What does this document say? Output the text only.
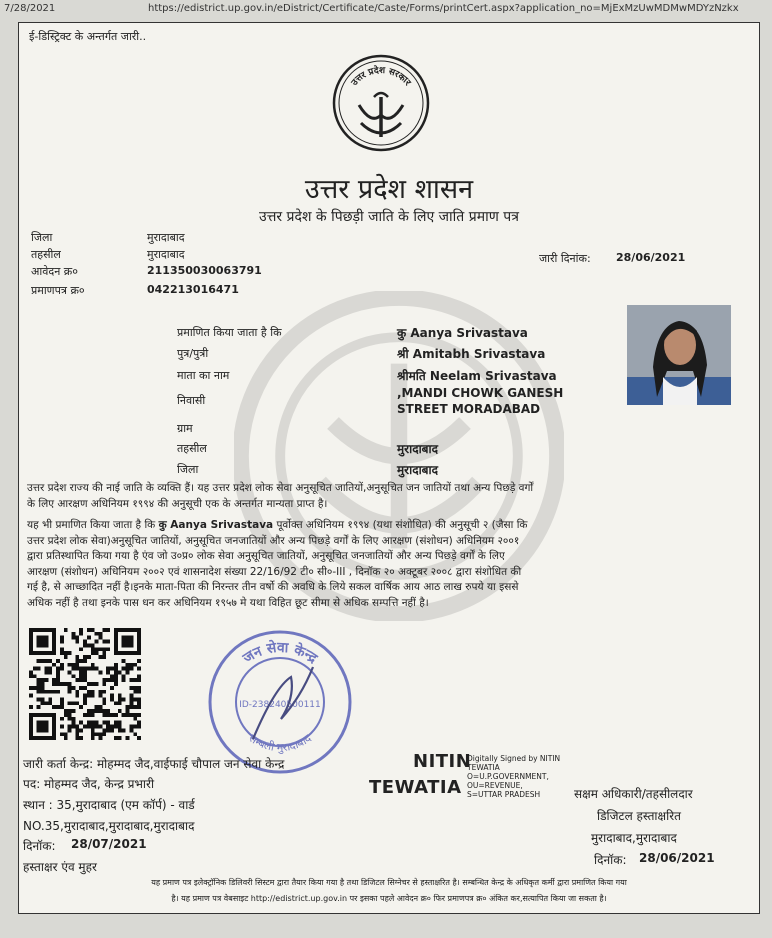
7/28/2021	https://edistrict.up.gov.in/eDistrict/Certificate/Caste/Forms/printCert.aspx?application_no=MjExMzUwMDMwMDYzNzkx
ई-डिस्ट्रिक्ट के अन्तर्गत जारी..
उत्तर प्रदेश सरकार
उत्तर प्रदेश शासन
उत्तर प्रदेश के पिछड़ी जाति के लिए जाति प्रमाण पत्र
जिला	मुरादाबाद
तहसील	मुरादाबाद
आवेदन क्र०	211350030063791
प्रमाणपत्र क्र०	042213016471
जारी दिनांक: 28/06/2021
प्रमाणित किया जाता है कि	कु Aanya Srivastava
पुत्र/पुत्री	श्री Amitabh Srivastava
माता का नाम	श्रीमति Neelam Srivastava
निवासी
,MANDI CHOWK GANESH
STREET MORADABAD
ग्राम
तहसील	मुरादाबाद
जिला	मुरादाबाद
उत्तर प्रदेश राज्य की नाई जाति के व्यक्ति हैं। यह उत्तर प्रदेश लोक सेवा अनुसूचित जातियों,अनुसूचित जन जातियों तथा अन्य पिछड़े वर्गों
के लिए आरक्षण अधिनियम १९९४ की अनुसूची एक के अन्तर्गत मान्यता प्राप्त है।
यह भी प्रमाणित किया जाता है कि कु Aanya Srivastava पूर्वोक्त अधिनियम १९९४ (यथा संशोधित) की अनुसूची २ (जैसा कि
उत्तर प्रदेश लोक सेवा)अनुसूचित जातियों, अनुसूचित जनजातियों और अन्य पिछड़े वर्गों के लिए आरक्षण (संशोधन) अधिनियम २००१
द्वारा प्रतिस्थापित किया गया है एंव जो उ०प्र० लोक सेवा अनुसूचित जातियों, अनुसूचित जनजातियों और अन्य पिछड़े वर्गों के लिए
आरक्षण (संशोधन) अधिनियम २००२ एवं शासनादेश संख्या 22/16/92 टी० सी०-III , दिनॉक २० अक्टूबर २००८ द्वारा संशोधित की
गई है, से आच्छादित नहीं है।इनके माता-पिता की निरन्तर तीन वर्षो की अवधि के लिये सकल वार्षिक आय आठ लाख रुपये या इससे
अधिक नहीं है तथा इनके पास धन कर अधिनियम १९५७ मे यथा विहित छूट सीमा से अधिक सम्पत्ति नहीं है।
जन सेवा केन्द्र
सम्बली मुरादाबाद
ID-238240500111
जारी कर्ता केन्द्र: मोहम्मद जैद,वाईफाई चौपाल जन सेवा केन्द्र
पद: मोहम्मद जैद, केन्द्र प्रभारी
स्थान : 35,मुरादाबाद (एम कॉर्प) - वार्ड
NO.35,मुरादाबाद,मुरादाबाद,मुरादाबाद
दिनॉक: 28/07/2021
हस्ताक्षर एंव मुहर
NITIN
TEWATIA
Digitally Signed by NITIN
TEWATIA
O=U.P.GOVERNMENT,
OU=REVENUE,
S=UTTAR PRADESH	सक्षम अधिकारी/तहसीलदार
डिजिटल हस्ताक्षरित
मुरादाबाद,मुरादाबाद
दिनॉक: 28/06/2021
यह प्रमाण पत्र इलेक्ट्रॉनिक डिलिवरी सिस्टम द्वारा तैयार किया गया है तथा डिजिटल सिग्नेचर से हस्ताक्षरित है। सम्बन्धित केन्द्र के अधिकृत कर्मी द्वारा प्रमाणित किया गया
है। यह प्रमाण पत्र वेबसाइट http://edistrict.up.gov.in पर इसका पहले आवेदन क्र० फिर प्रमाणपत्र क्र० अंकित कर,सत्यापित किया जा सकता है।
